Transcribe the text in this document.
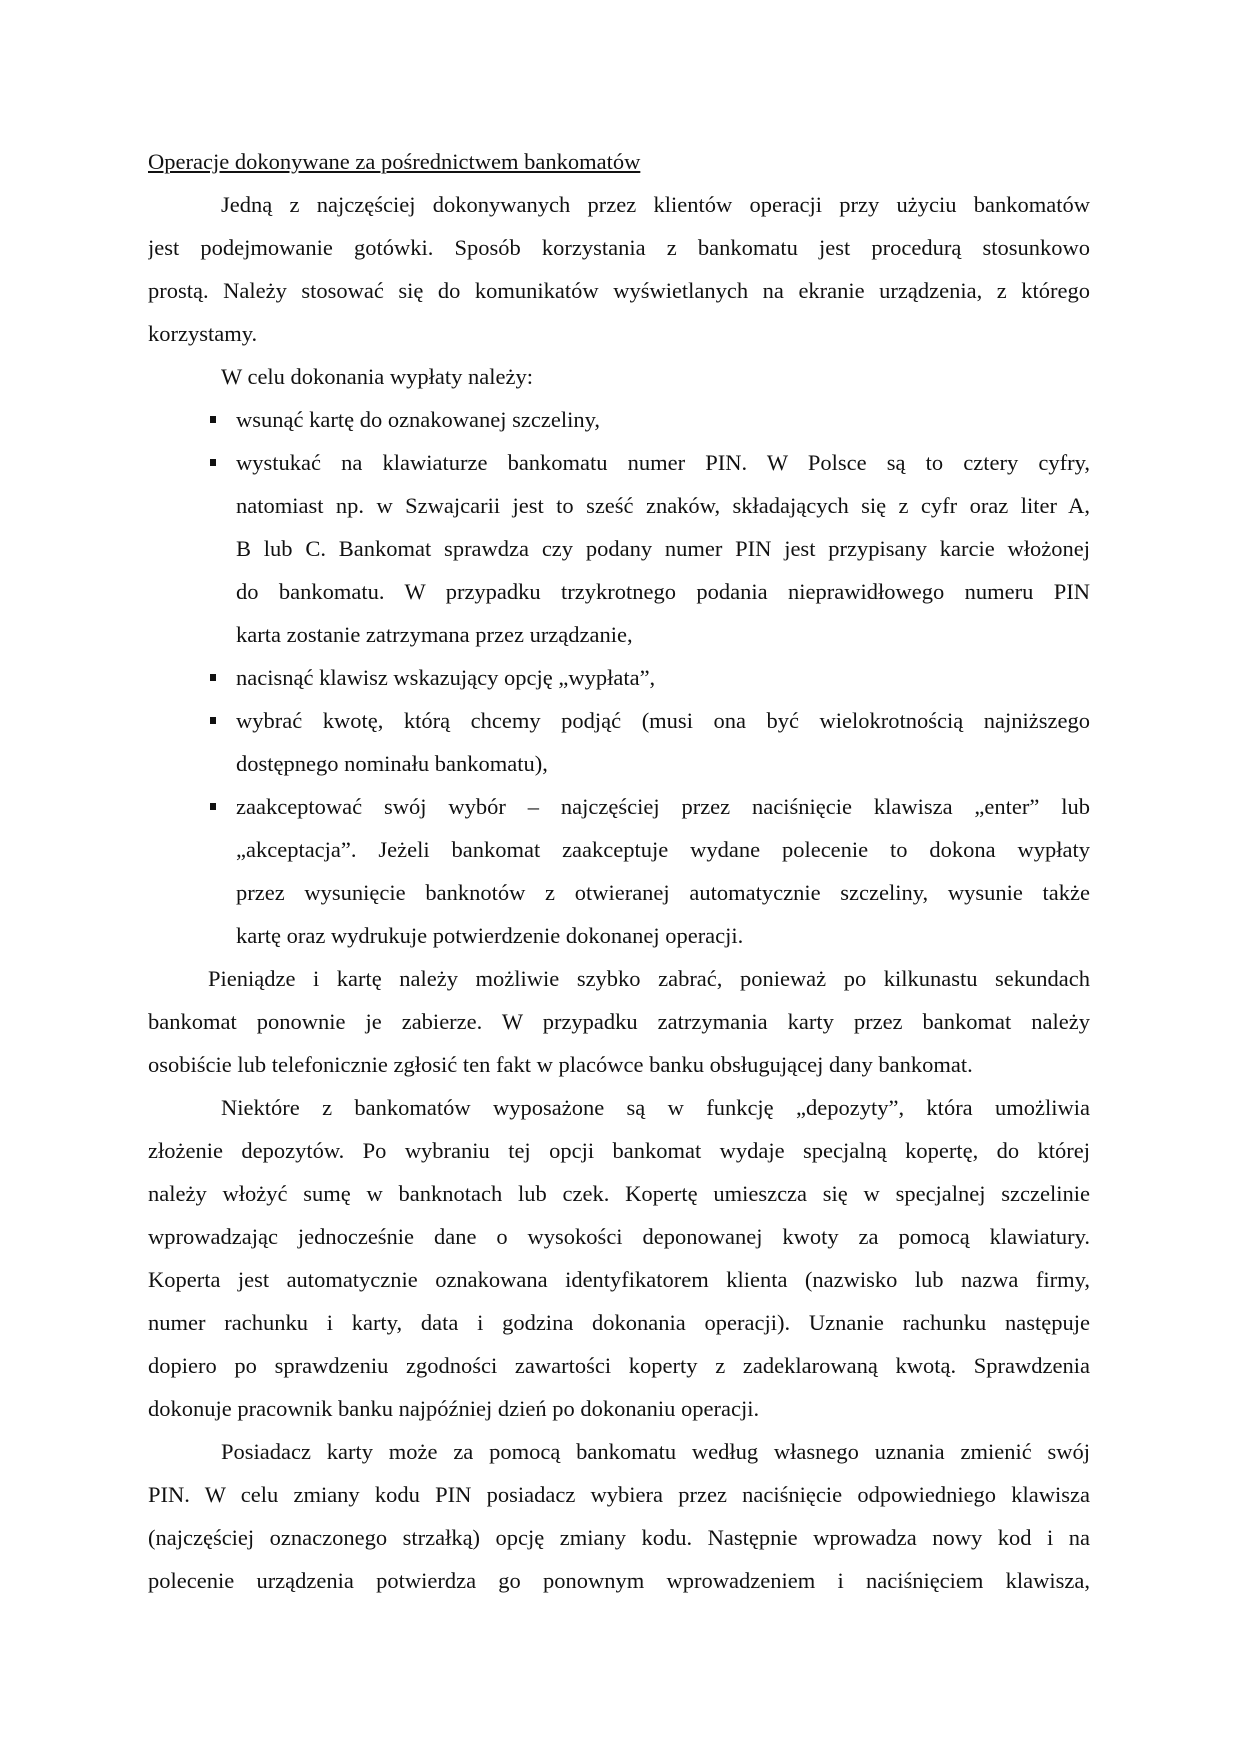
Operacje dokonywane za pośrednictwem bankomatów
Jedną z najczęściej dokonywanych przez klientów operacji przy użyciu bankomatów
jest podejmowanie gotówki. Sposób korzystania z bankomatu jest procedurą stosunkowo
prostą. Należy stosować się do komunikatów wyświetlanych na ekranie urządzenia, z którego
korzystamy.
W celu dokonania wypłaty należy:
wsunąć kartę do oznakowanej szczeliny,
wystukać na klawiaturze bankomatu numer PIN. W Polsce są to cztery cyfry,
natomiast np. w Szwajcarii jest to sześć znaków, składających się z cyfr oraz liter A,
B lub C. Bankomat sprawdza czy podany numer PIN jest przypisany karcie włożonej
do bankomatu. W przypadku trzykrotnego podania nieprawidłowego numeru PIN
karta zostanie zatrzymana przez urządzanie,
nacisnąć klawisz wskazujący opcję „wypłata”,
wybrać kwotę, którą chcemy podjąć (musi ona być wielokrotnością najniższego
dostępnego nominału bankomatu),
zaakceptować swój wybór – najczęściej przez naciśnięcie klawisza „enter” lub
„akceptacja”. Jeżeli bankomat zaakceptuje wydane polecenie to dokona wypłaty
przez wysunięcie banknotów z otwieranej automatycznie szczeliny, wysunie także
kartę oraz wydrukuje potwierdzenie dokonanej operacji.
Pieniądze i kartę należy możliwie szybko zabrać, ponieważ po kilkunastu sekundach
bankomat ponownie je zabierze. W przypadku zatrzymania karty przez bankomat należy
osobiście lub telefonicznie zgłosić ten fakt w placówce banku obsługującej dany bankomat.
Niektóre z bankomatów wyposażone są w funkcję „depozyty”, która umożliwia
złożenie depozytów. Po wybraniu tej opcji bankomat wydaje specjalną kopertę, do której
należy włożyć sumę w banknotach lub czek. Kopertę umieszcza się w specjalnej szczelinie
wprowadzając jednocześnie dane o wysokości deponowanej kwoty za pomocą klawiatury.
Koperta jest automatycznie oznakowana identyfikatorem klienta (nazwisko lub nazwa firmy,
numer rachunku i karty, data i godzina dokonania operacji). Uznanie rachunku następuje
dopiero po sprawdzeniu zgodności zawartości koperty z zadeklarowaną kwotą. Sprawdzenia
dokonuje pracownik banku najpóźniej dzień po dokonaniu operacji.
Posiadacz karty może za pomocą bankomatu według własnego uznania zmienić swój
PIN. W celu zmiany kodu PIN posiadacz wybiera przez naciśnięcie odpowiedniego klawisza
(najczęściej oznaczonego strzałką) opcję zmiany kodu. Następnie wprowadza nowy kod i na
polecenie urządzenia potwierdza go ponownym wprowadzeniem i naciśnięciem klawisza,
